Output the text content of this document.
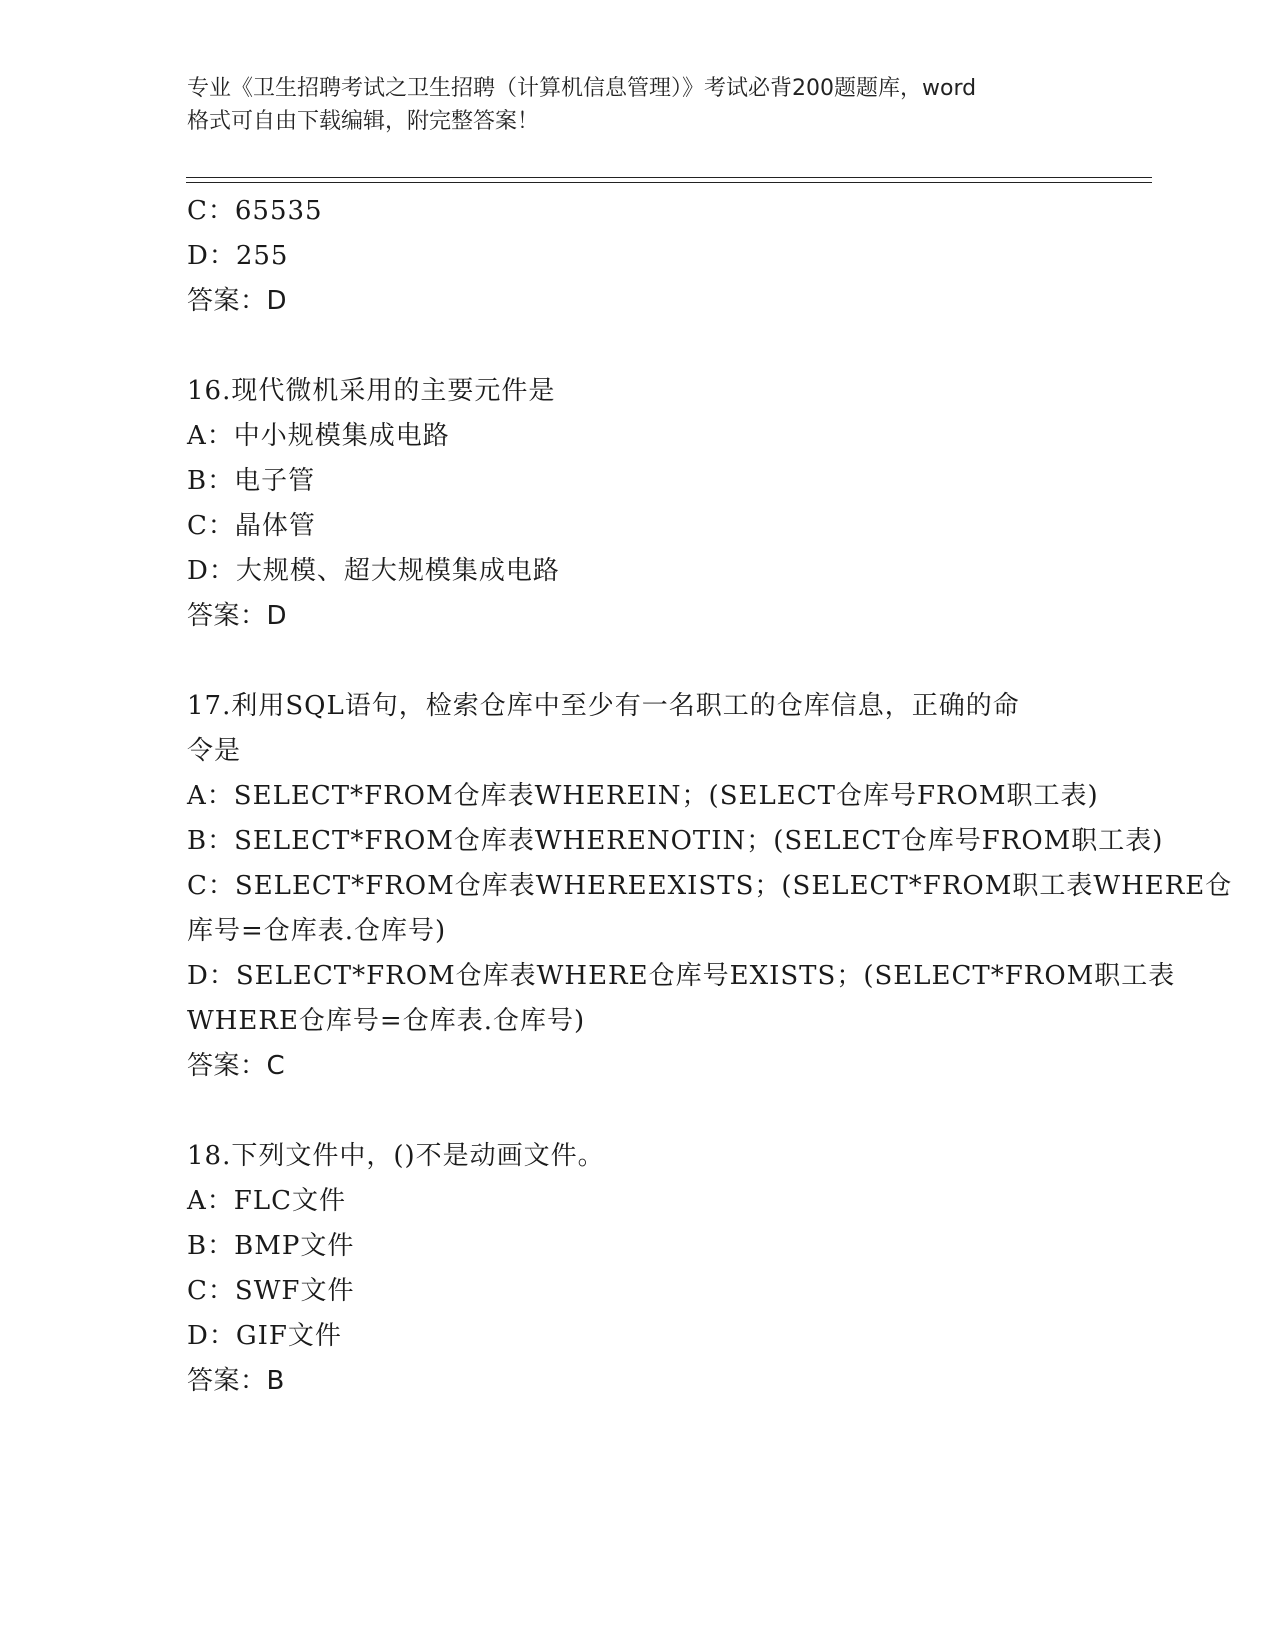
专业《卫生招聘考试之卫生招聘（计算机信息管理）》考试必背200题题库，word
格式可自由下载编辑，附完整答案！
C：65535
D：255
答案：D
16.现代微机采用的主要元件是
A：中小规模集成电路
B：电子管
C：晶体管
D：大规模、超大规模集成电路
答案：D
17.利用SQL语句，检索仓库中至少有一名职工的仓库信息，正确的命
令是
A：SELECT*FROM仓库表WHEREIN；(SELECT仓库号FROM职工表)
B：SELECT*FROM仓库表WHERENOTIN；(SELECT仓库号FROM职工表)
C：SELECT*FROM仓库表WHEREEXISTS；(SELECT*FROM职工表WHERE仓
库号=仓库表.仓库号)
D：SELECT*FROM仓库表WHERE仓库号EXISTS；(SELECT*FROM职工表
WHERE仓库号=仓库表.仓库号)
答案：C
18.下列文件中，()不是动画文件。
A：FLC文件
B：BMP文件
C：SWF文件
D：GIF文件
答案：B
